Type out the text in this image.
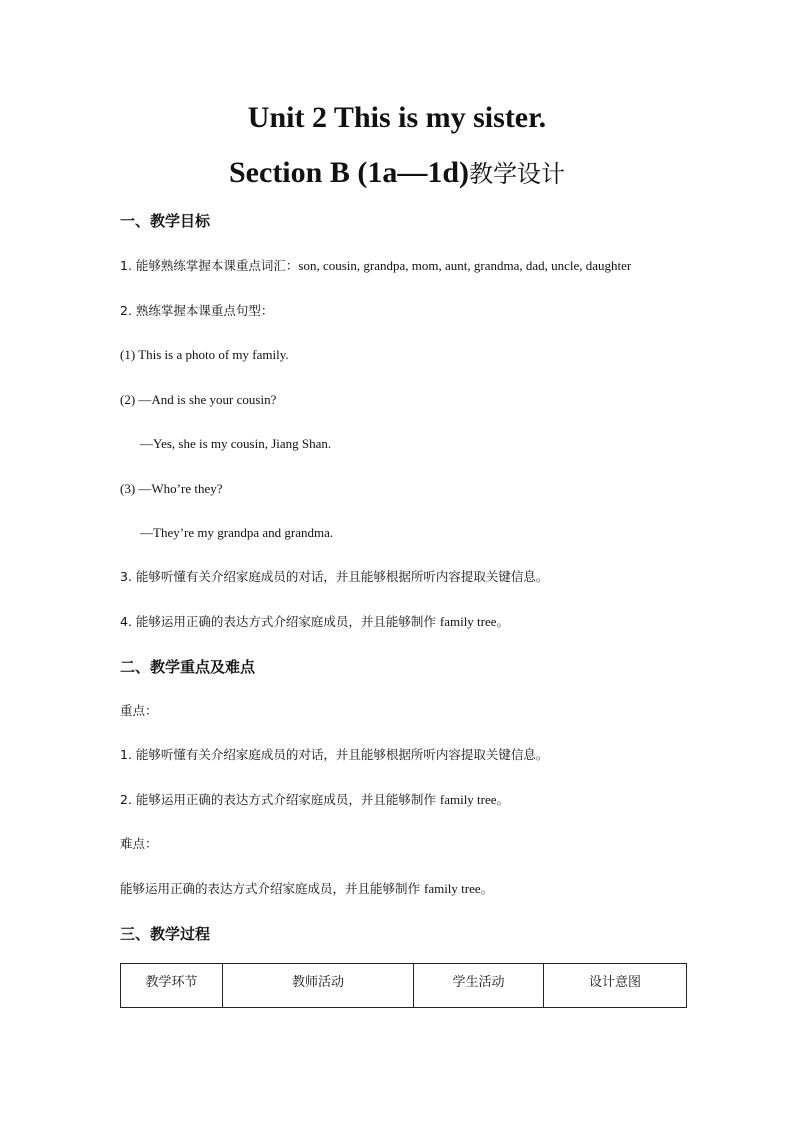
Unit 2 This is my sister.
Section B (1a—1d)教学设计
一、教学目标
1. 能够熟练掌握本课重点词汇：son, cousin, grandpa, mom, aunt, grandma, dad, uncle, daughter
2. 熟练掌握本课重点句型：
(1) This is a photo of my family.
(2) —And is she your cousin?
—Yes, she is my cousin, Jiang Shan.
(3) —Who’re they?
—They’re my grandpa and grandma.
3. 能够听懂有关介绍家庭成员的对话，并且能够根据所听内容提取关键信息。
4. 能够运用正确的表达方式介绍家庭成员，并且能够制作 family tree。
二、教学重点及难点
重点：
1. 能够听懂有关介绍家庭成员的对话，并且能够根据所听内容提取关键信息。
2. 能够运用正确的表达方式介绍家庭成员，并且能够制作 family tree。
难点：
能够运用正确的表达方式介绍家庭成员，并且能够制作 family tree。
三、教学过程
教学环节	教师活动	学生活动	设计意图
